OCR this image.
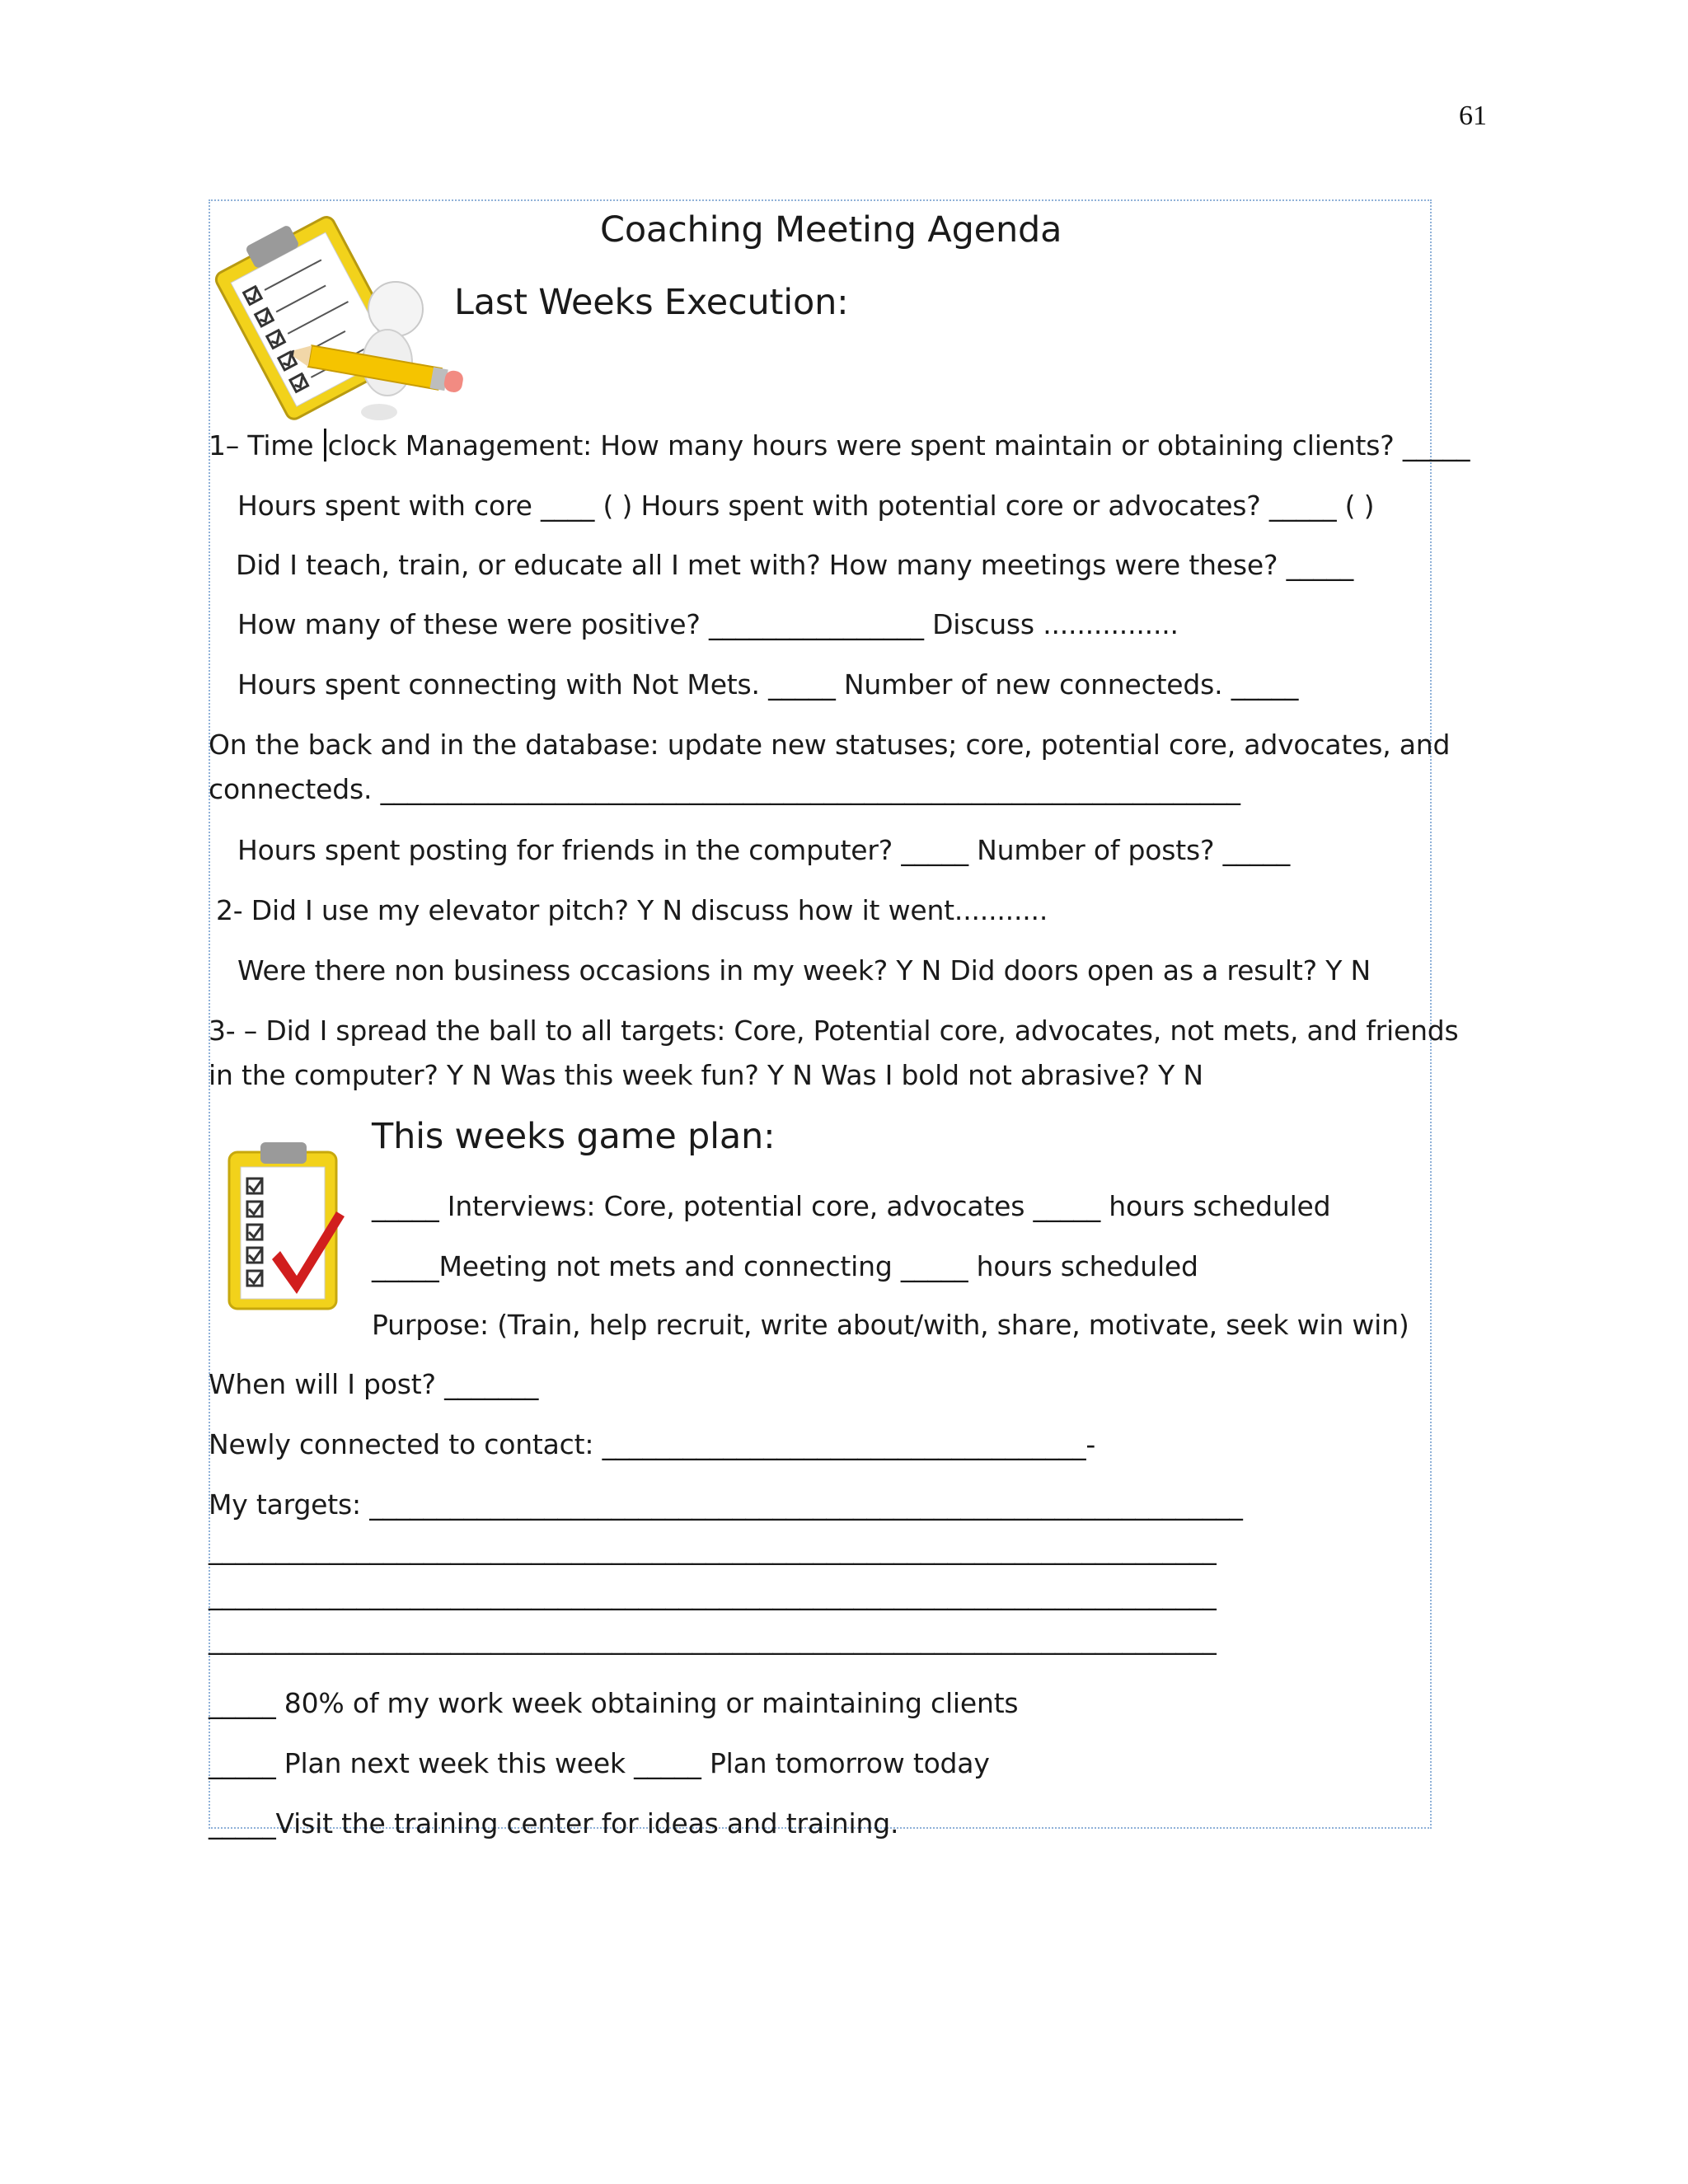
61
Coaching Meeting Agenda
Last Weeks Execution:
1– Time clock Management: How many hours were spent maintain or obtaining clients? _____
Hours spent with core ____ ( ) Hours spent with potential core or advocates? _____ ( )
Did I teach, train, or educate all I met with? How many meetings were these? _____
How many of these were positive? ________________ Discuss ................
Hours spent connecting with Not Mets. _____ Number of new connecteds. _____
On the back and in the database: update new statuses; core, potential core, advocates, and
connecteds. ________________________________________________________________
Hours spent posting for friends in the computer? _____ Number of posts? _____
2- Did I use my elevator pitch? Y N discuss how it went...........
Were there non business occasions in my week? Y N Did doors open as a result? Y N
3- – Did I spread the ball to all targets: Core, Potential core, advocates, not mets, and friends
in the computer? Y N Was this week fun? Y N Was I bold not abrasive? Y N
This weeks game plan:
_____ Interviews: Core, potential core, advocates _____ hours scheduled
_____Meeting not mets and connecting _____ hours scheduled
Purpose: (Train, help recruit, write about/with, share, motivate, seek win win)
When will I post? _______
Newly connected to contact: ____________________________________-
My targets: _________________________________________________________________
___________________________________________________________________________
___________________________________________________________________________
___________________________________________________________________________
_____ 80% of my work week obtaining or maintaining clients
_____ Plan next week this week _____ Plan tomorrow today
_____Visit the training center for ideas and training.
